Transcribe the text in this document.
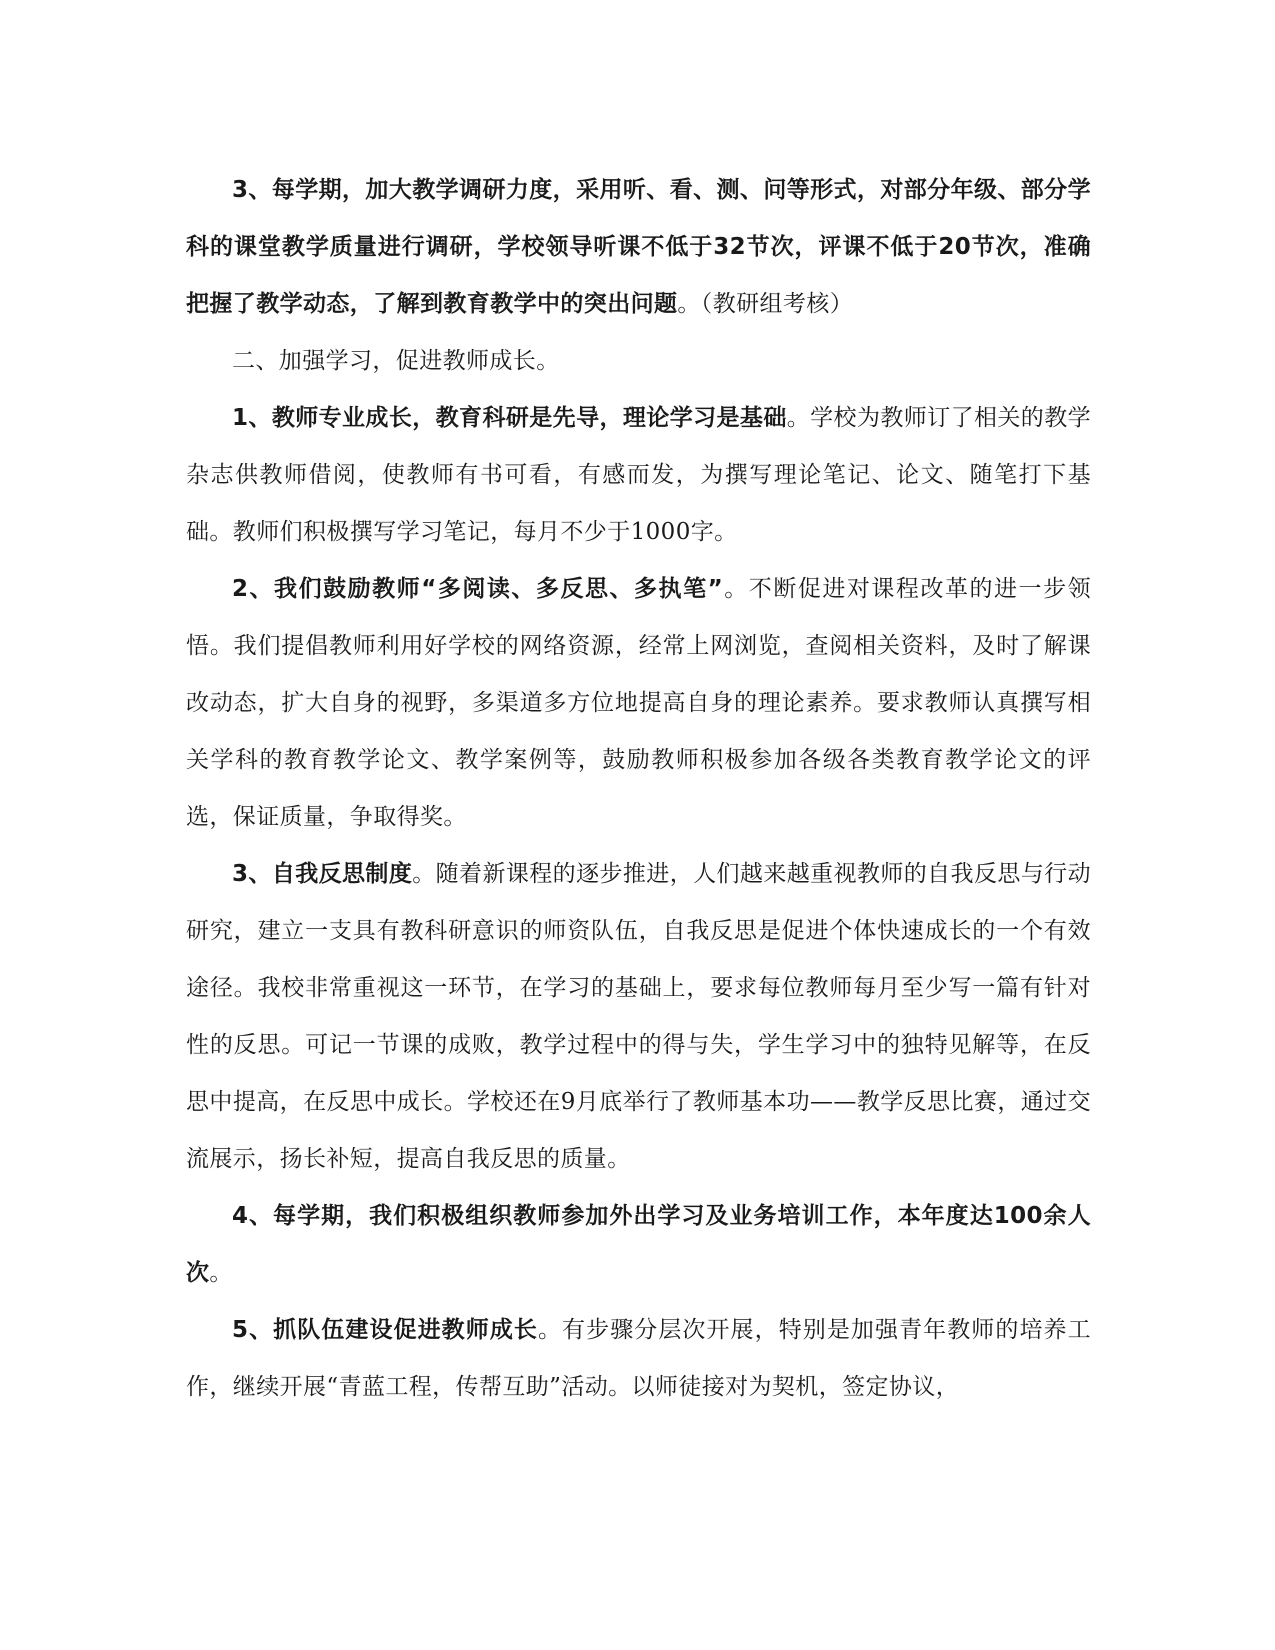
3、每学期，加大教学调研力度，采用听、看、测、问等形式，对部分年级、部分学科的课堂教学质量进行调研，学校领导听课不低于32节次，评课不低于20节次，准确把握了教学动态，了解到教育教学中的突出问题。（教研组考核）

二、加强学习，促进教师成长。

1、教师专业成长，教育科研是先导，理论学习是基础。学校为教师订了相关的教学杂志供教师借阅，使教师有书可看，有感而发，为撰写理论笔记、论文、随笔打下基础。教师们积极撰写学习笔记，每月不少于1000字。

2、我们鼓励教师“多阅读、多反思、多执笔”。不断促进对课程改革的进一步领悟。我们提倡教师利用好学校的网络资源，经常上网浏览，查阅相关资料，及时了解课改动态，扩大自身的视野，多渠道多方位地提高自身的理论素养。要求教师认真撰写相关学科的教育教学论文、教学案例等，鼓励教师积极参加各级各类教育教学论文的评选，保证质量，争取得奖。

3、自我反思制度。随着新课程的逐步推进，人们越来越重视教师的自我反思与行动研究，建立一支具有教科研意识的师资队伍，自我反思是促进个体快速成长的一个有效途径。我校非常重视这一环节，在学习的基础上，要求每位教师每月至少写一篇有针对性的反思。可记一节课的成败，教学过程中的得与失，学生学习中的独特见解等，在反思中提高，在反思中成长。学校还在9月底举行了教师基本功——教学反思比赛，通过交流展示，扬长补短，提高自我反思的质量。

4、每学期，我们积极组织教师参加外出学习及业务培训工作，本年度达100余人次。

5、抓队伍建设促进教师成长。有步骤分层次开展，特别是加强青年教师的培养工作，继续开展“青蓝工程，传帮互助”活动。以师徒接对为契机，签定协议，
